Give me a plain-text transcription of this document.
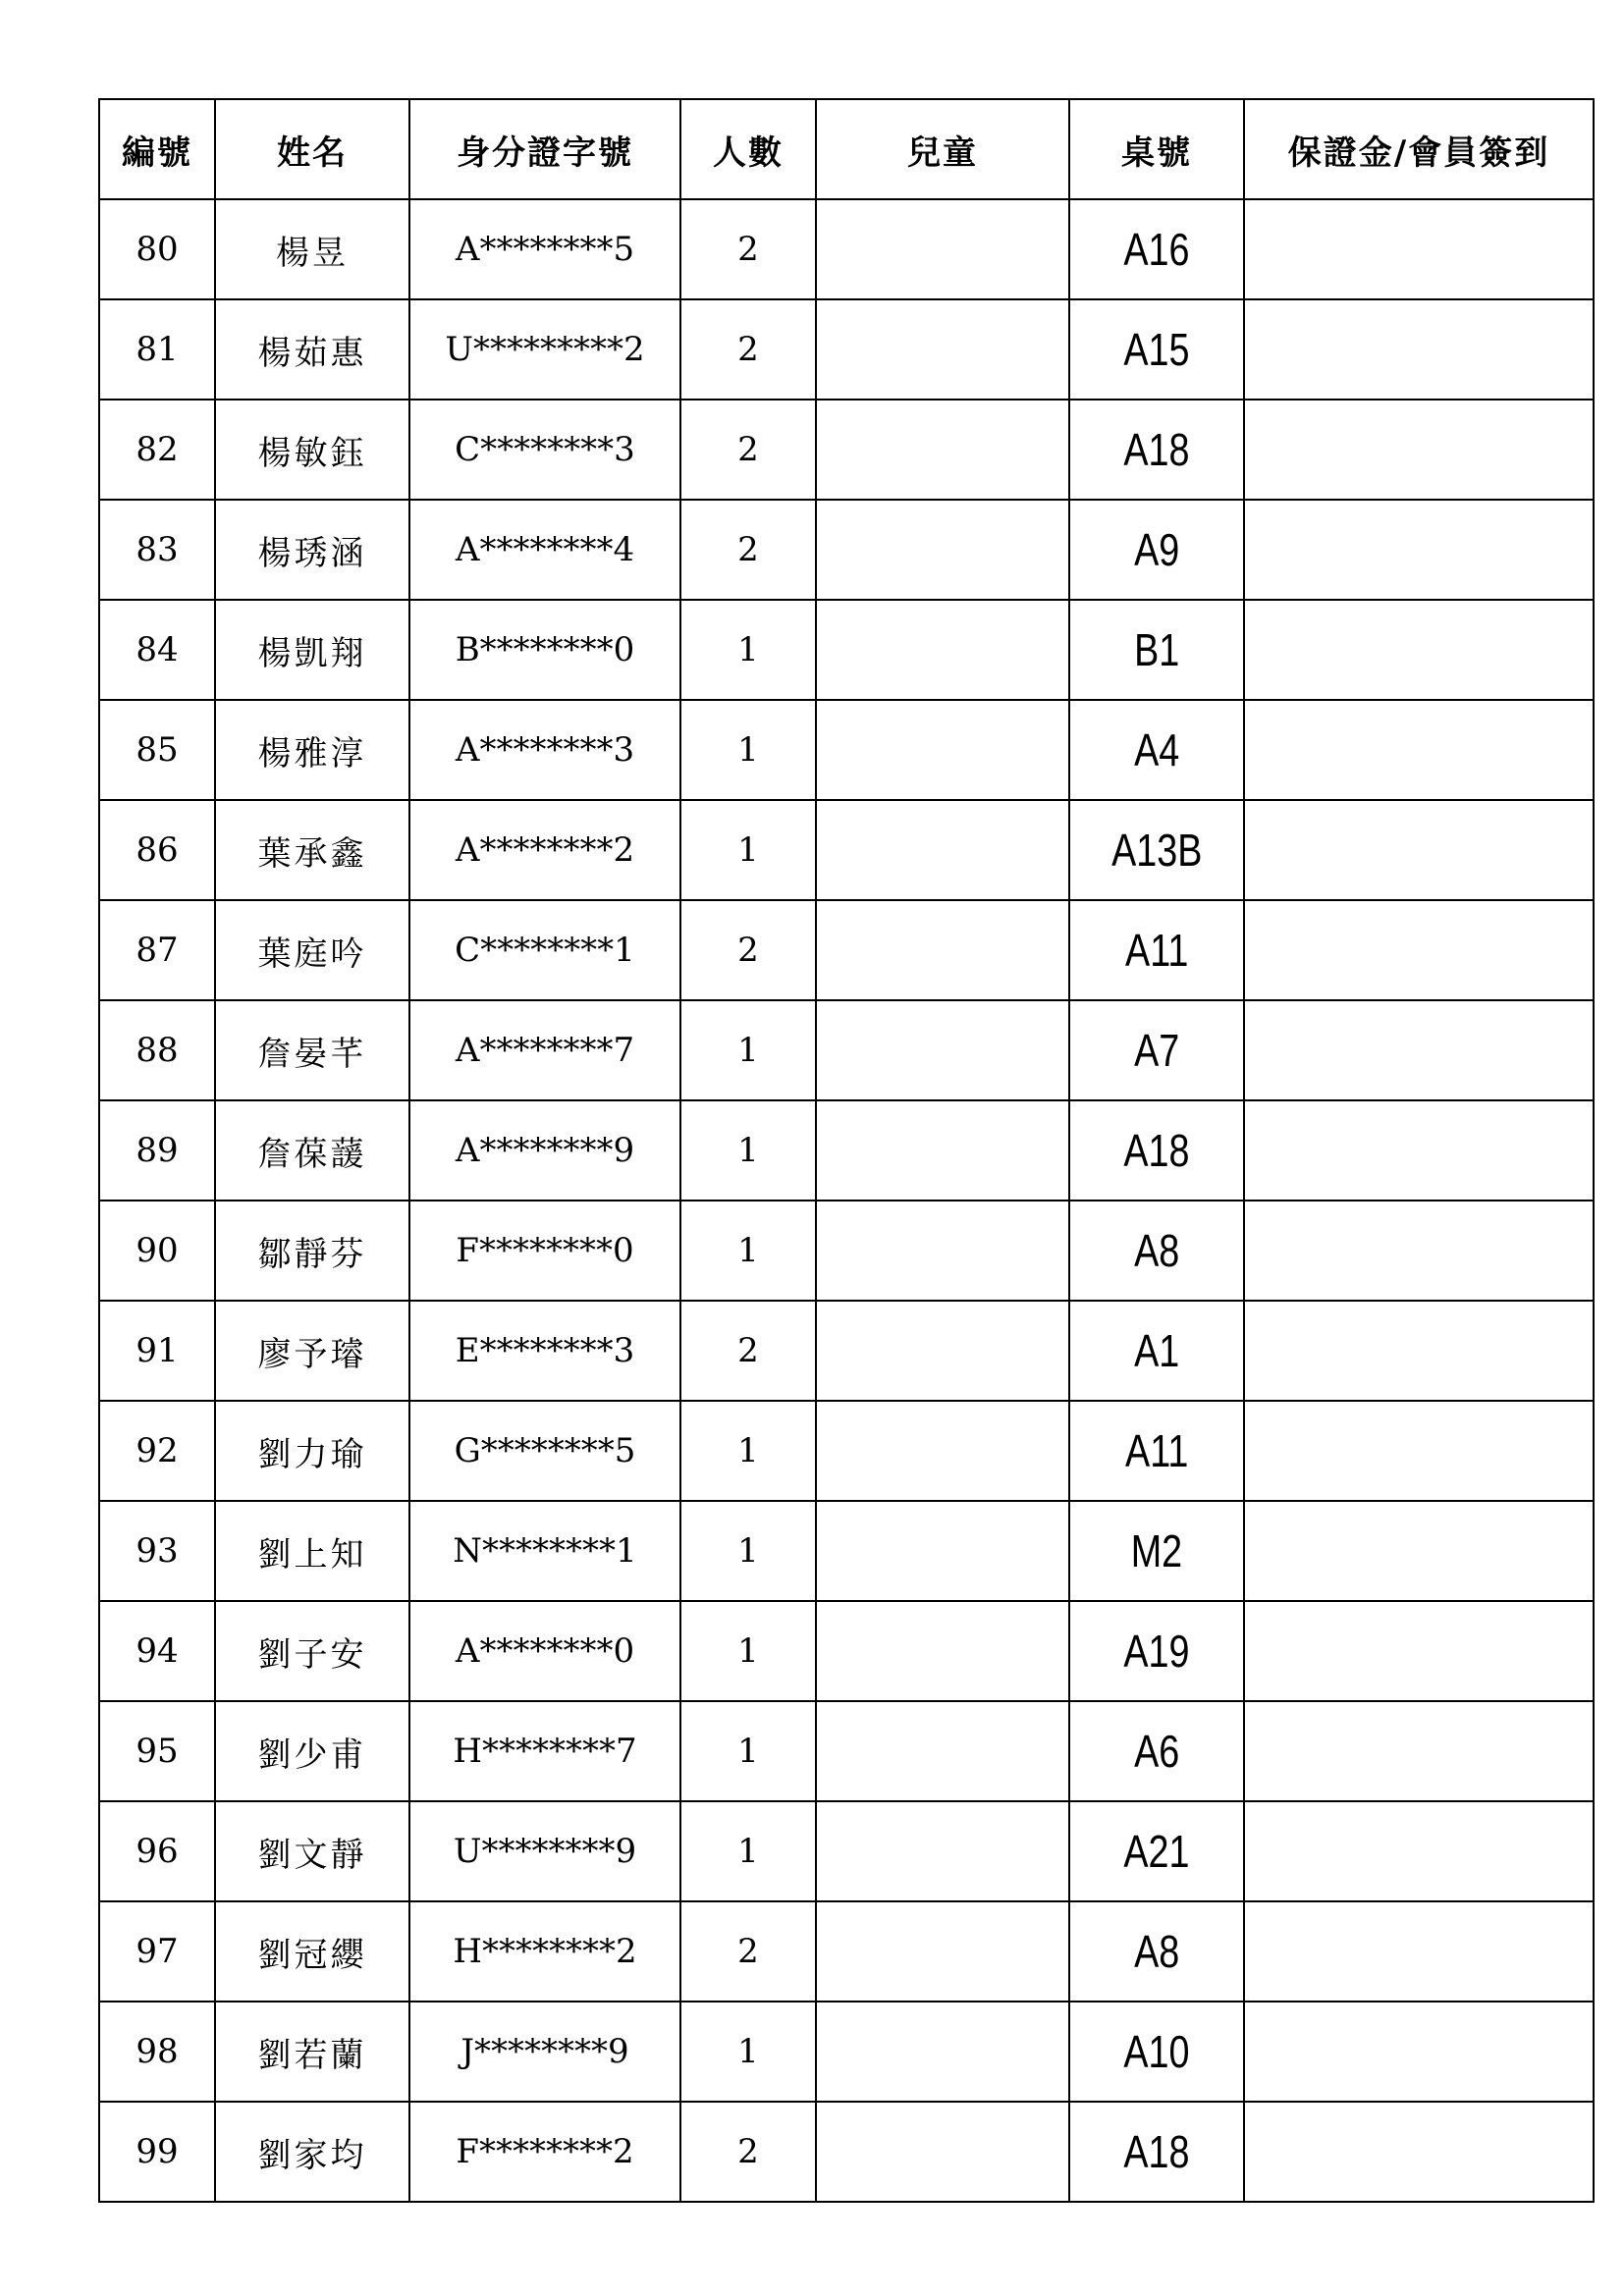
編號	姓名	身分證字號	人數	兒童	桌號	保證金/會員簽到
80	楊昱	A********5	2		A16	
81	楊茹惠	U*********2	2		A15	
82	楊敏鈺	C********3	2		A18	
83	楊琇涵	A********4	2		A9	
84	楊凱翔	B********0	1		B1	
85	楊雅淳	A********3	1		A4	
86	葉承鑫	A********2	1		A13B	
87	葉庭吟	C********1	2		A11	
88	詹晏芊	A********7	1		A7	
89	詹葆蘐	A********9	1		A18	
90	鄒靜芬	F********0	1		A8	
91	廖予璿	E********3	2		A1	
92	劉力瑜	G********5	1		A11	
93	劉上知	N********1	1		M2	
94	劉子安	A********0	1		A19	
95	劉少甫	H********7	1		A6	
96	劉文靜	U********9	1		A21	
97	劉冠纓	H********2	2		A8	
98	劉若蘭	J********9	1		A10	
99	劉家均	F********2	2		A18	
